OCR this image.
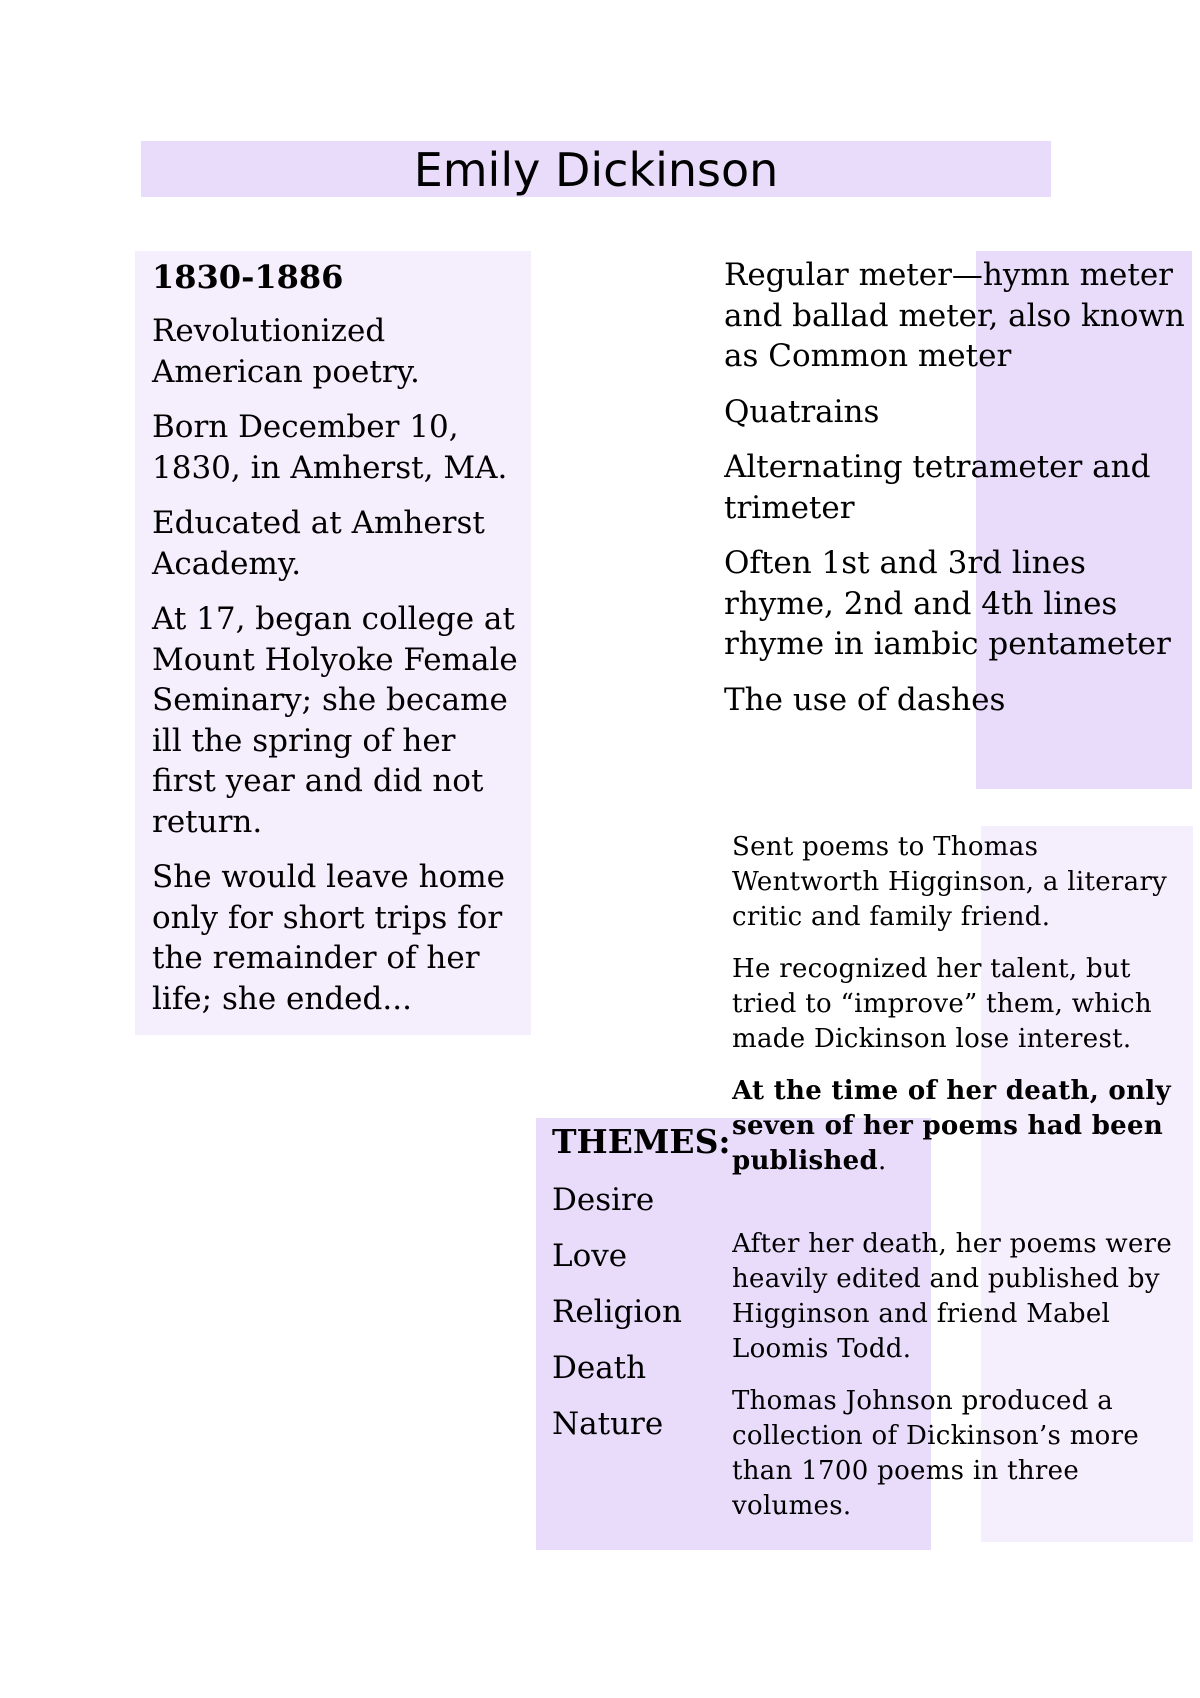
Emily Dickinson
1830-1886

Revolutionized American poetry.

Born December 10, 1830, in Amherst, MA.

Educated at Amherst Academy.

At 17, began college at Mount Holyoke Female Seminary; she became ill the spring of her first year and did not return.

She would leave home only for short trips for the remainder of her life; she ended...

Regular meter—hymn meter and ballad meter, also known as Common meter

Quatrains

Alternating tetrameter and trimeter

Often 1st and 3rd lines rhyme, 2nd and 4th lines rhyme in iambic pentameter

The use of dashes

THEMES:

Desire

Love

Religion

Death

Nature

Sent poems to Thomas Wentworth Higginson, a literary critic and family friend.

He recognized her talent, but tried to “improve” them, which made Dickinson lose interest.

At the time of her death, only seven of her poems had been published.

After her death, her poems were heavily edited and published by Higginson and friend Mabel Loomis Todd.

Thomas Johnson produced a collection of Dickinson’s more than 1700 poems in three volumes.
